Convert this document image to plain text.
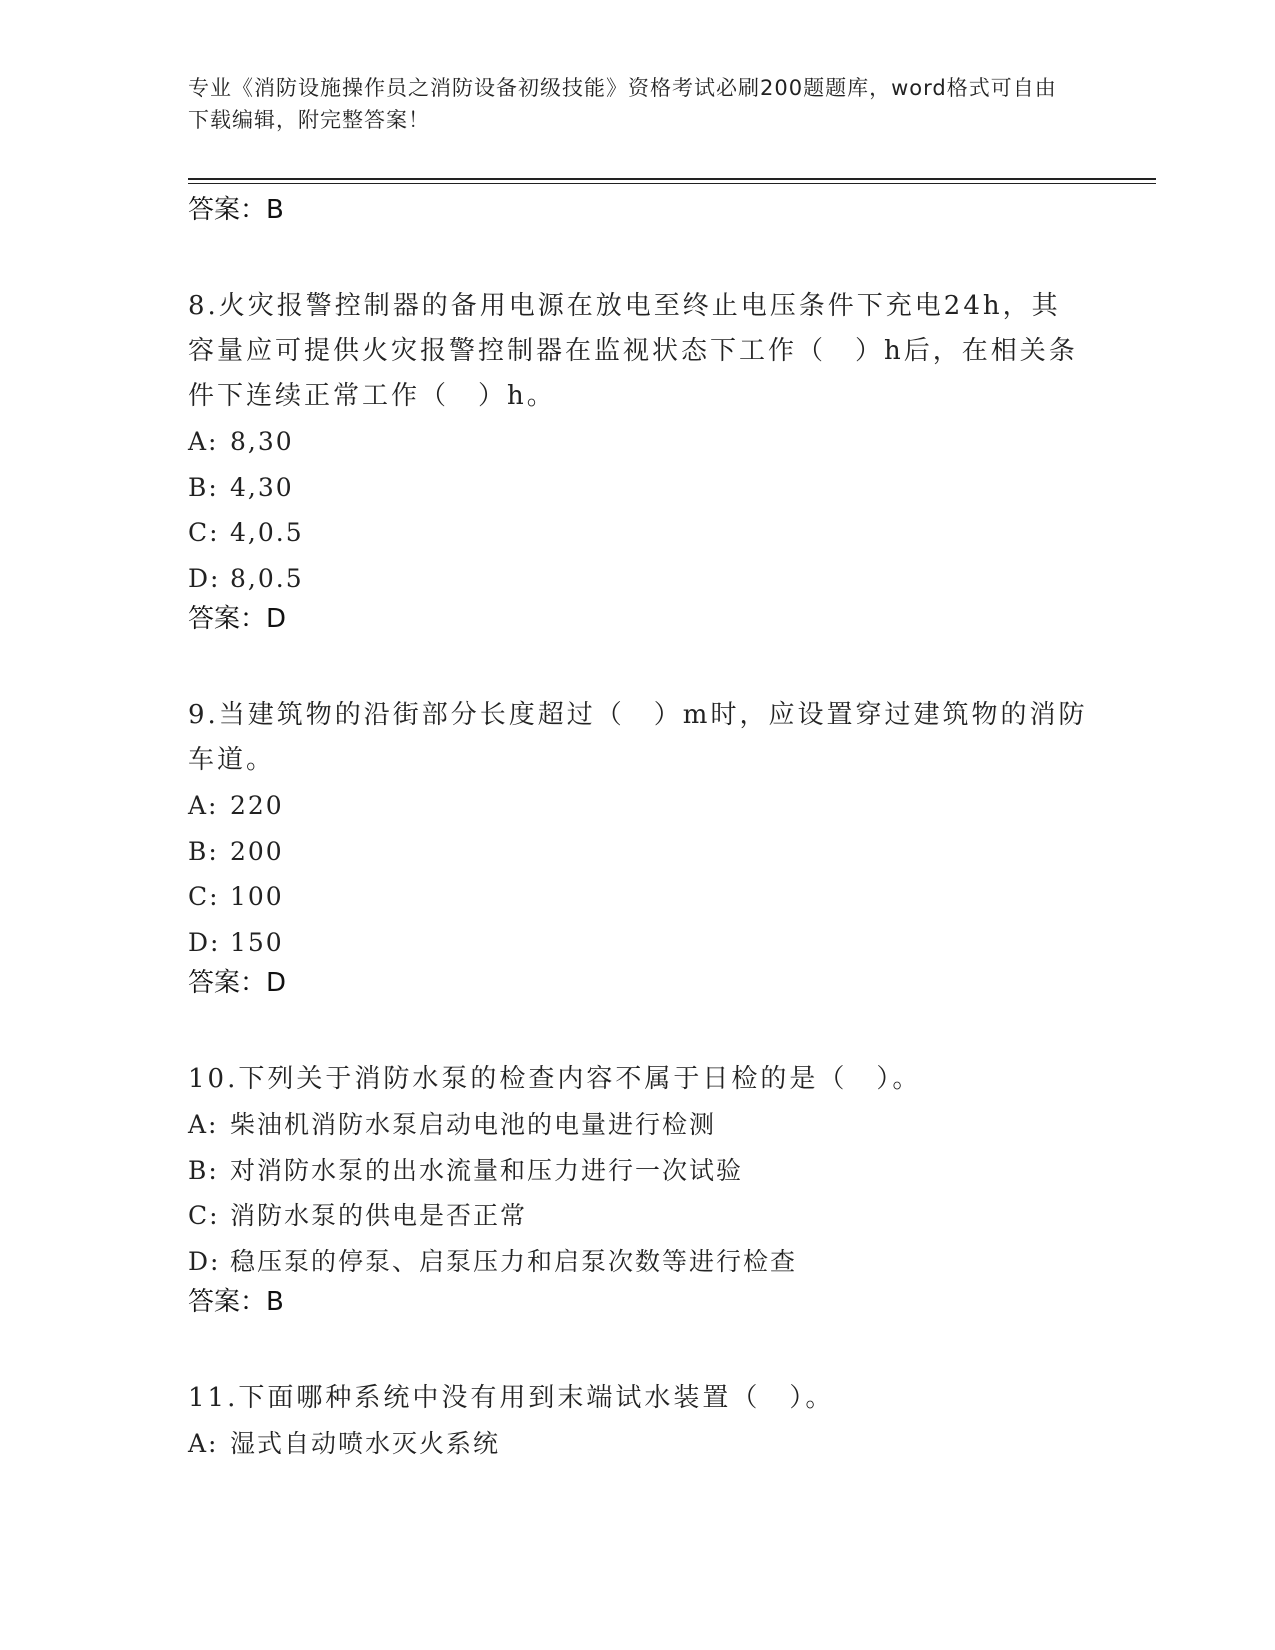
专业《消防设施操作员之消防设备初级技能》资格考试必刷200题题库，word格式可自由下载编辑，附完整答案！
答案：B
8.火灾报警控制器的备用电源在放电至终止电压条件下充电24h，其容量应可提供火灾报警控制器在监视状态下工作（　）h后，在相关条件下连续正常工作（　）h。
A: 8,30
B: 4,30
C: 4,0.5
D: 8,0.5
答案：D
9.当建筑物的沿街部分长度超过（　）m时，应设置穿过建筑物的消防车道。
A: 220
B: 200
C: 100
D: 150
答案：D
10.下列关于消防水泵的检查内容不属于日检的是（　）。
A: 柴油机消防水泵启动电池的电量进行检测
B: 对消防水泵的出水流量和压力进行一次试验
C: 消防水泵的供电是否正常
D: 稳压泵的停泵、启泵压力和启泵次数等进行检查
答案：B
11.下面哪种系统中没有用到末端试水装置（　）。
A: 湿式自动喷水灭火系统
